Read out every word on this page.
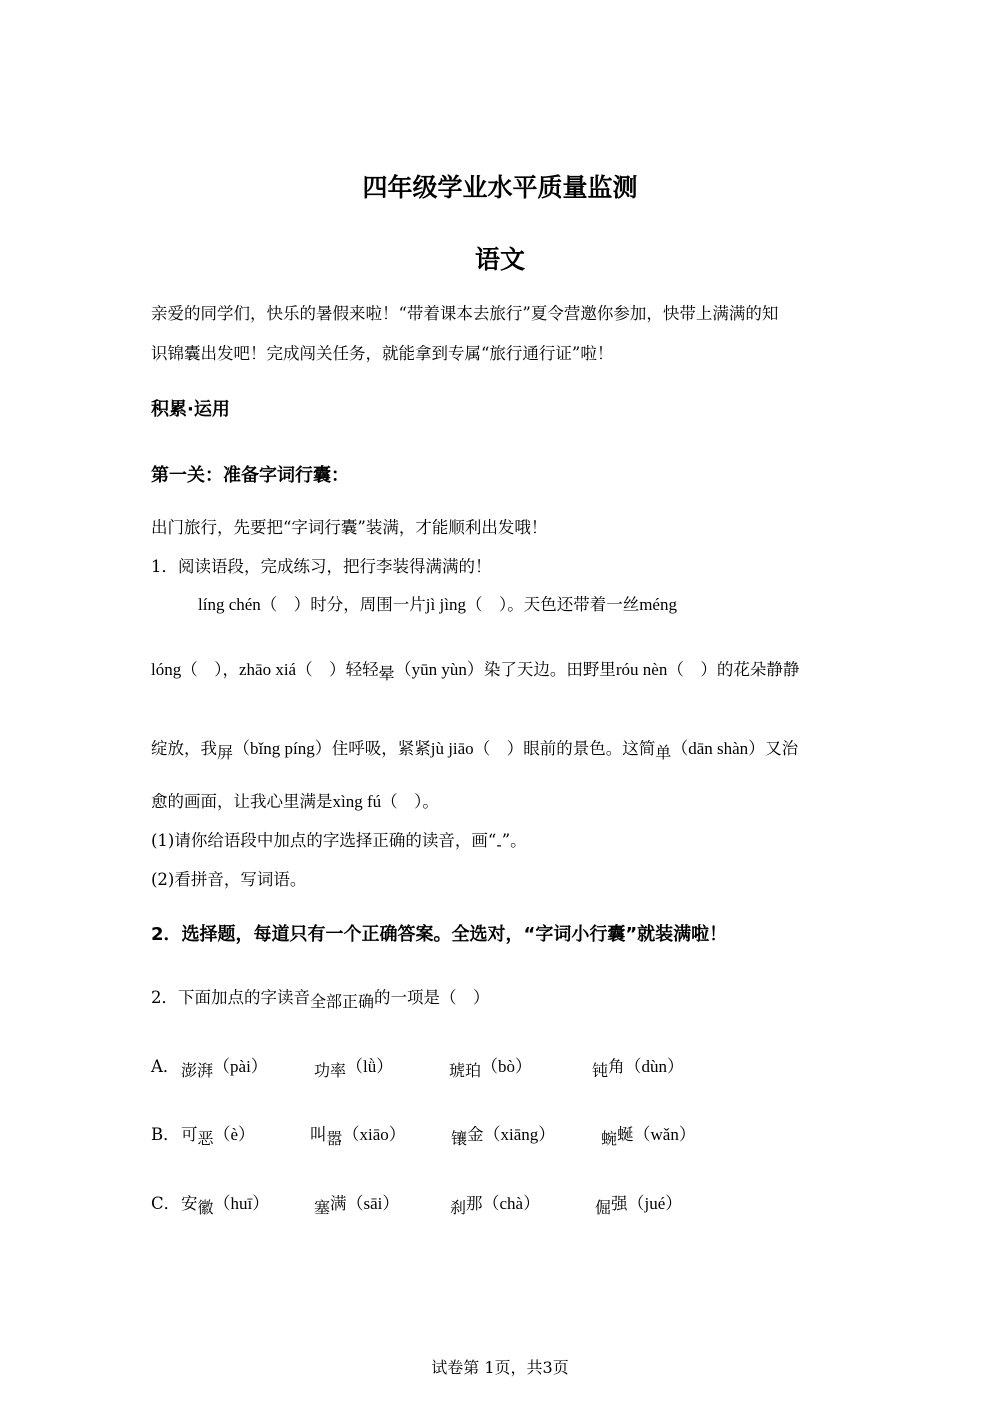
四年级学业水平质量监测
语文
亲爱的同学们，快乐的暑假来啦！“带着课本去旅行”夏令营邀你参加，快带上满满的知
识锦囊出发吧！完成闯关任务，就能拿到专属“旅行通行证”啦！
积累·运用
第一关：准备字词行囊：
出门旅行，先要把“字词行囊”装满，才能顺利出发哦！
1．阅读语段，完成练习，把行李装得满满的！
líng chén（　）时分，周围一片jì jìng（　）。天色还带着一丝méng
lóng（　），zhāo xiá（　）轻轻晕（yūn yùn）染了天边。田野里róu nèn（　）的花朵静静
绽放，我屏（bǐng píng）住呼吸，紧紧jù jiāo（　）眼前的景色。这简单（dān shàn）又治
愈的画面，让我心里满是xìng fú（　）。
(1)请你给语段中加点的字选择正确的读音，画“-”。
(2)看拼音，写词语。
2．选择题，每道只有一个正确答案。全选对，“字词小行囊”就装满啦！
2．下面加点的字读音全部正确的一项是（　）
A． 澎湃（pài）	功率（lǜ）	琥珀（bò）	钝角（dùn）
B． 可恶（è）	叫嚣（xiāo）	镶金（xiāng）	蜿蜒（wǎn）
C． 安徽（huī）	塞满（sāi）	刹那（chà）	倔强（jué）
试卷第 1页，共3页
